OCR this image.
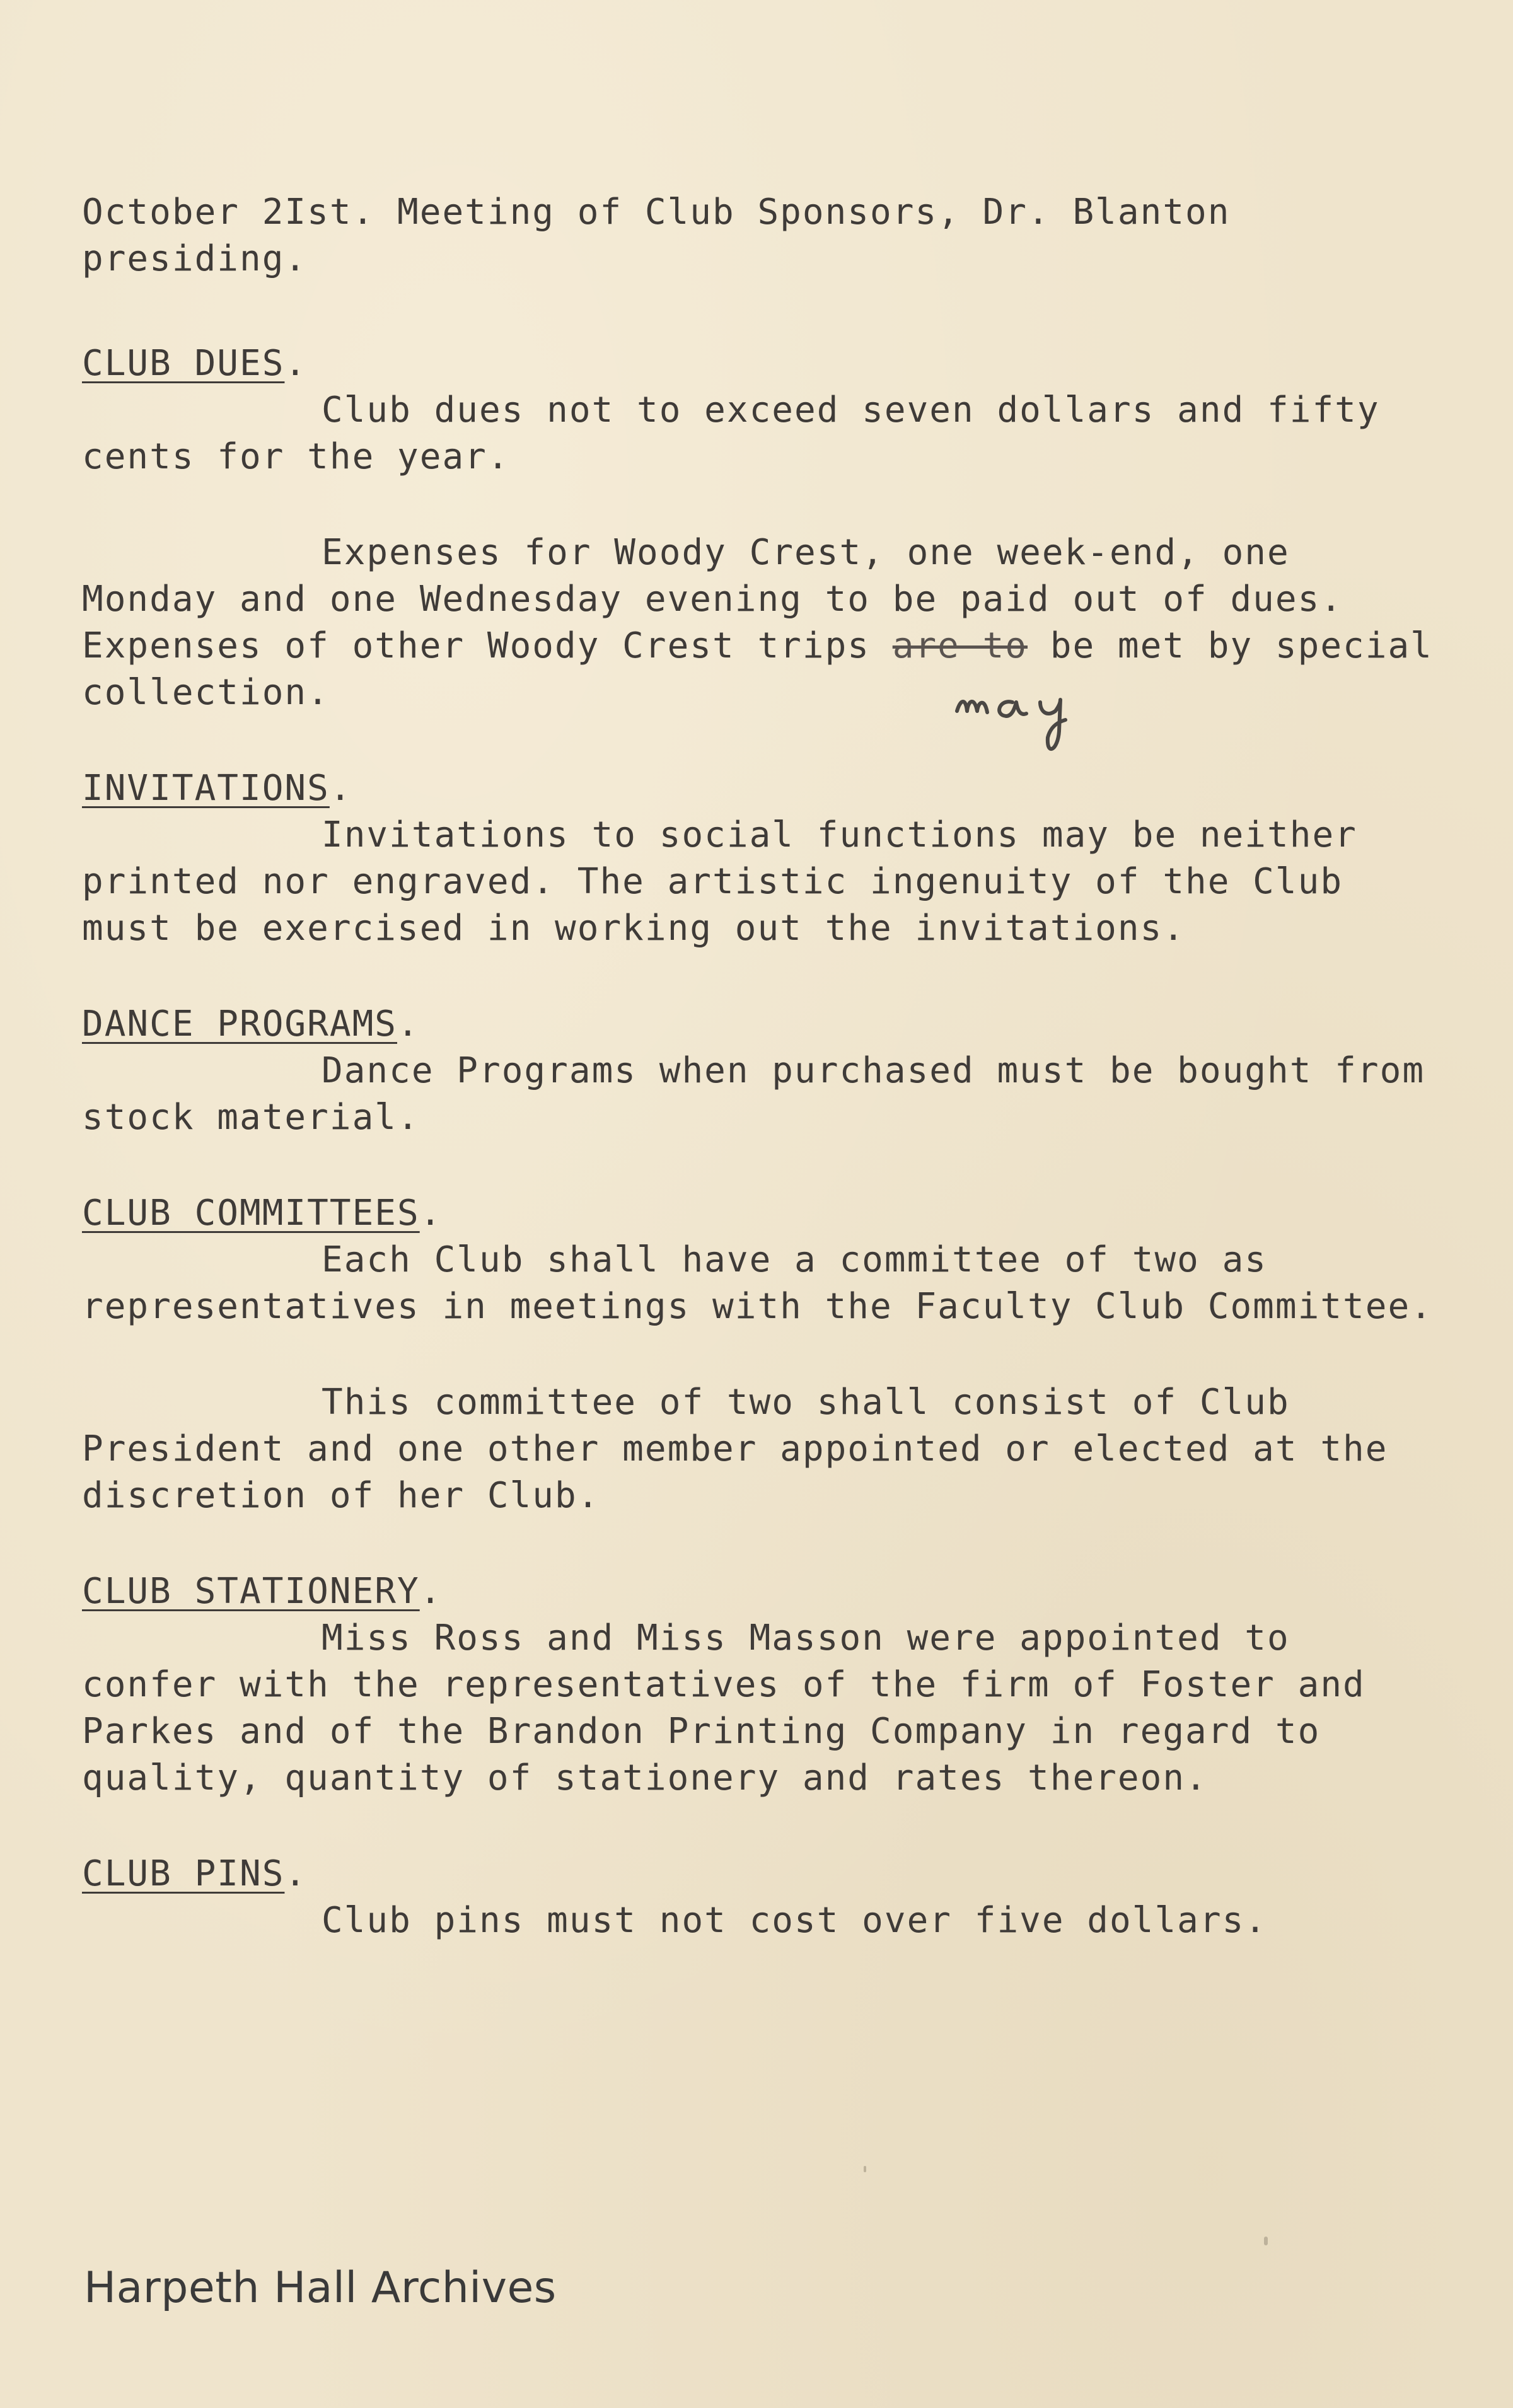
October 2Ist. Meeting of Club Sponsors, Dr. Blanton presiding.

CLUB DUES.

Club dues not to exceed seven dollars and fifty cents for the year.

Expenses for Woody Crest, one week-end, one Monday and one Wednesday evening to be paid out of dues. Expenses of other Woody Crest trips are to be met by special collection.

INVITATIONS.

Invitations to social functions may be neither printed nor engraved. The artistic ingenuity of the Club must be exercised in working out the invitations.

DANCE PROGRAMS.

Dance Programs when purchased must be bought from stock material.

CLUB COMMITTEES.

Each Club shall have a committee of two as representatives in meetings with the Faculty Club Committee.

This committee of two shall consist of Club President and one other member appointed or elected at the discretion of her Club.

CLUB STATIONERY.

Miss Ross and Miss Masson were appointed to confer with the representatives of the firm of Foster and Parkes and of the Brandon Printing Company in regard to quality, quantity of stationery and rates thereon.

CLUB PINS.

Club pins must not cost over five dollars.

Harpeth Hall Archives
